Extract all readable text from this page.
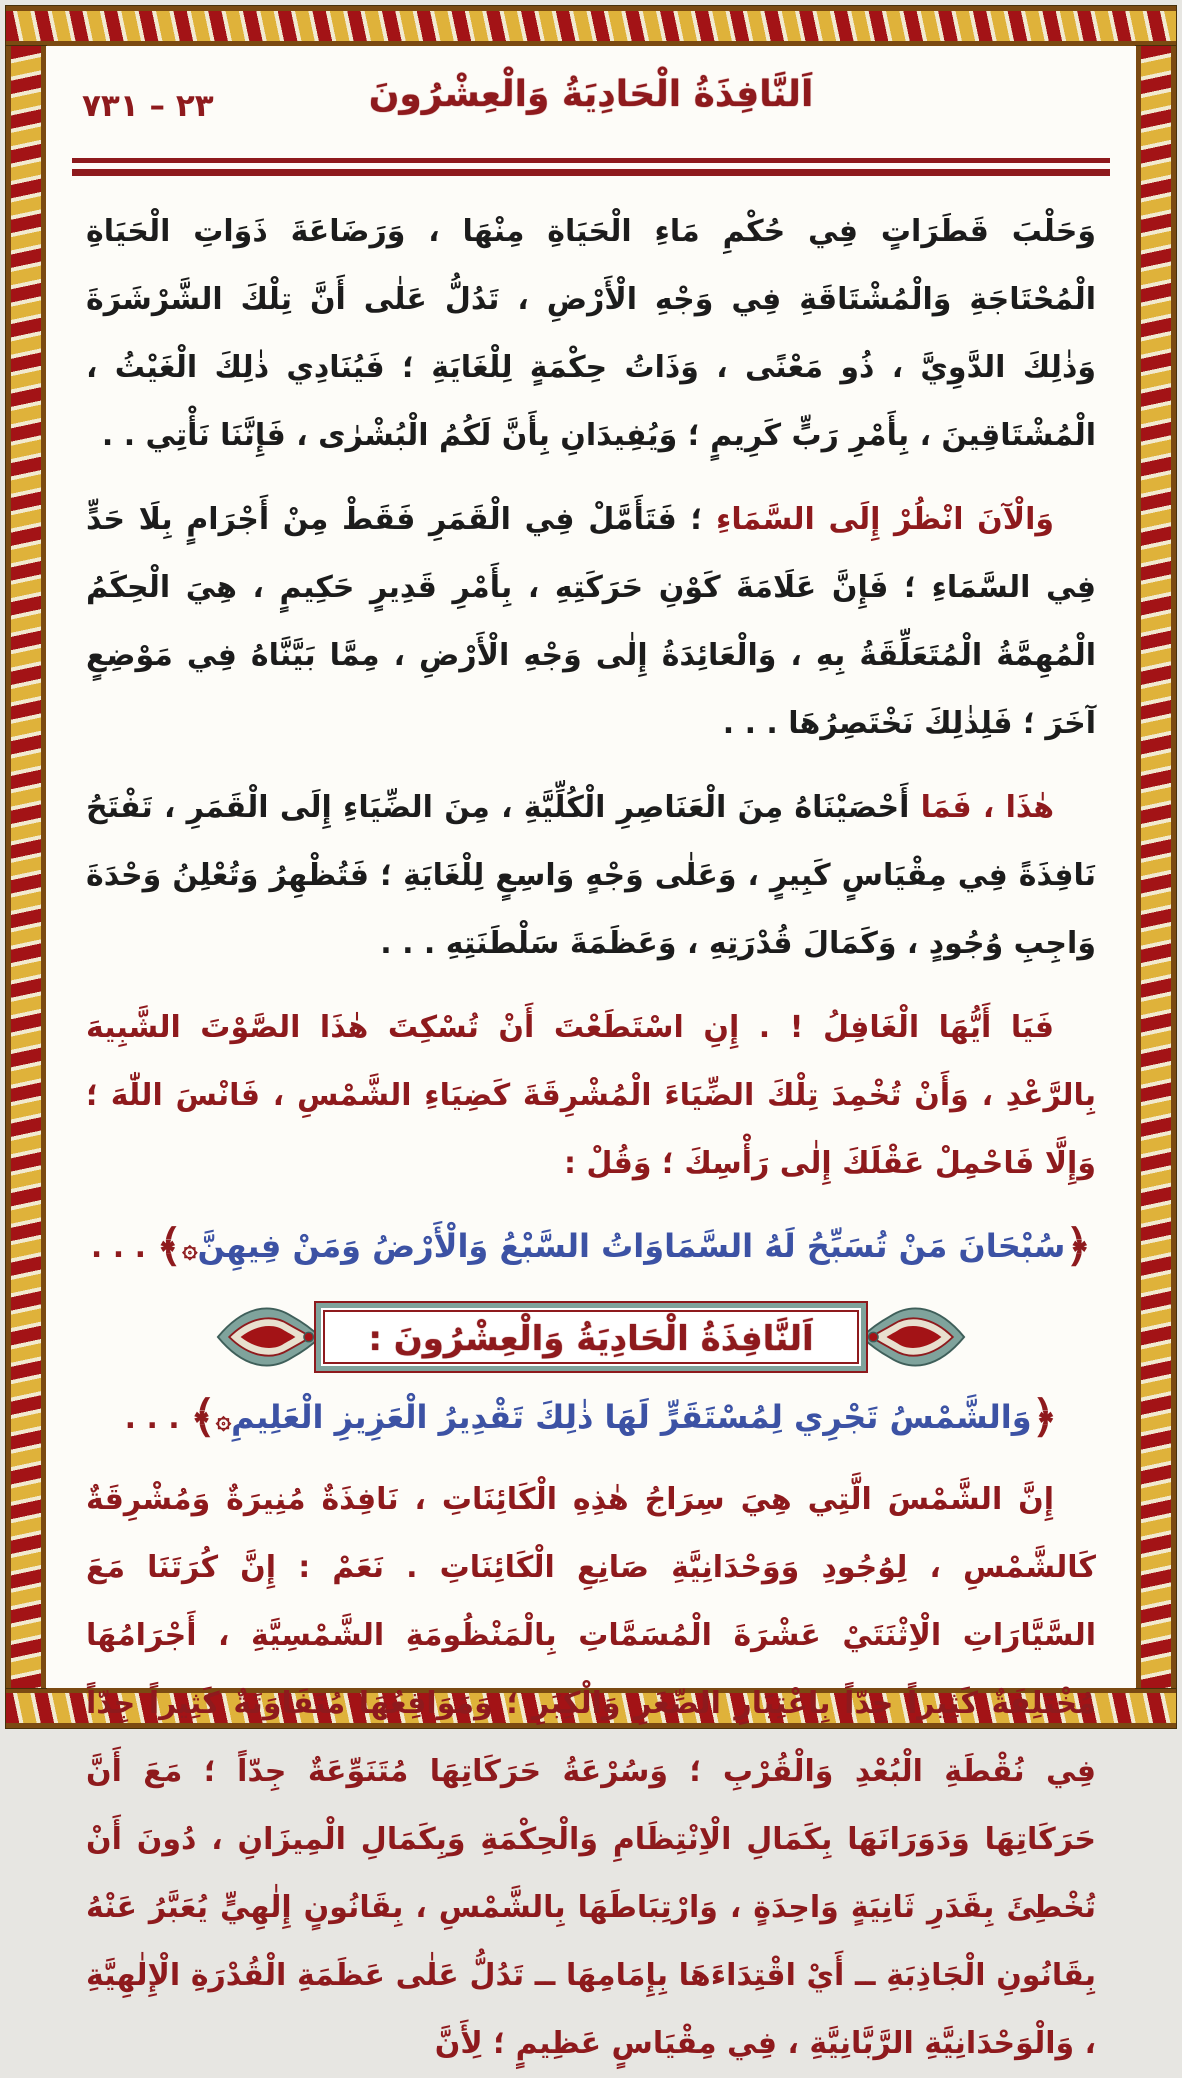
٢٣ – ٧٣١	اَلنَّافِذَةُ الْحَادِيَةُ وَالْعِشْرُونَ

وَحَلْبَ قَطَرَاتٍ فِي حُكْمِ مَاءِ الْحَيَاةِ مِنْهَا ، وَرَضَاعَةَ ذَوَاتِ الْحَيَاةِ الْمُحْتَاجَةِ وَالْمُشْتَاقَةِ فِي وَجْهِ الْأَرْضِ ، تَدُلُّ عَلٰى أَنَّ تِلْكَ الشَّرْشَرَةَ وَذٰلِكَ الدَّوِيَّ ، ذُو مَعْنًى ، وَذَاتُ حِكْمَةٍ لِلْغَايَةِ ؛ فَيُنَادِي ذٰلِكَ الْغَيْثُ ، الْمُشْتَاقِينَ ، بِأَمْرِ رَبٍّ كَرِيمٍ ؛ وَيُفِيدَانِ بِأَنَّ لَكُمُ الْبُشْرٰى ، فَإِنَّنَا نَأْتِي . .

وَالْآنَ انْظُرْ إِلَى السَّمَاءِ ؛ فَتَأَمَّلْ فِي الْقَمَرِ فَقَطْ مِنْ أَجْرَامٍ بِلَا حَدٍّ فِي السَّمَاءِ ؛ فَإِنَّ عَلَامَةَ كَوْنِ حَرَكَتِهِ ، بِأَمْرِ قَدِيرٍ حَكِيمٍ ، هِيَ الْحِكَمُ الْمُهِمَّةُ الْمُتَعَلِّقَةُ بِهِ ، وَالْعَائِدَةُ إِلٰى وَجْهِ الْأَرْضِ ، مِمَّا بَيَّنَّاهُ فِي مَوْضِعٍ آخَرَ ؛ فَلِذٰلِكَ نَخْتَصِرُهَا . . .

هٰذَا ، فَمَا أَحْصَيْنَاهُ مِنَ الْعَنَاصِرِ الْكُلِّيَّةِ ، مِنَ الضِّيَاءِ إِلَى الْقَمَرِ ، تَفْتَحُ نَافِذَةً فِي مِقْيَاسٍ كَبِيرٍ ، وَعَلٰى وَجْهٍ وَاسِعٍ لِلْغَايَةِ ؛ فَتُظْهِرُ وَتُعْلِنُ وَحْدَةَ وَاجِبِ وُجُودٍ ، وَكَمَالَ قُدْرَتِهِ ، وَعَظَمَةَ سَلْطَنَتِهِ . . .

فَيَا أَيُّهَا الْغَافِلُ ! . إِنِ اسْتَطَعْتَ أَنْ تُسْكِتَ هٰذَا الصَّوْتَ الشَّبِيهَ بِالرَّعْدِ ، وَأَنْ تُخْمِدَ تِلْكَ الضِّيَاءَ الْمُشْرِقَةَ كَضِيَاءِ الشَّمْسِ ، فَانْسَ اللّٰهَ ؛ وَإِلَّا فَاحْمِلْ عَقْلَكَ إِلٰى رَأْسِكَ ؛ وَقُلْ :

﴿سُبْحَانَ مَنْ تُسَبِّحُ لَهُ السَّمَاوَاتُ السَّبْعُ وَالْأَرْضُ وَمَنْ فِيهِنَّ۞﴾ . . .
اَلنَّافِذَةُ الْحَادِيَةُ وَالْعِشْرُونَ :
﴿وَالشَّمْسُ تَجْرِي لِمُسْتَقَرٍّ لَهَا ذٰلِكَ تَقْدِيرُ الْعَزِيزِ الْعَلِيمِ۞﴾ . . .

إِنَّ الشَّمْسَ الَّتِي هِيَ سِرَاجُ هٰذِهِ الْكَائِنَاتِ ، نَافِذَةٌ مُنِيرَةٌ وَمُشْرِقَةٌ كَالشَّمْسِ ، لِوُجُودِ وَوَحْدَانِيَّةِ صَانِعِ الْكَائِنَاتِ . نَعَمْ : إِنَّ كُرَتَنَا مَعَ السَّيَّارَاتِ الْاِثْنَتَيْ عَشْرَةَ الْمُسَمَّاتِ بِالْمَنْظُومَةِ الشَّمْسِيَّةِ ، أَجْرَامُهَا مُخْتَلِفَةٌ كَثِيراً جِدّاً بِاعْتِبَارِ الصِّغَرِ وَالْكِبَرِ ؛ وَمَوَاقِعُهَا مُتَفَاوَتَةٌ كَثِيراً جِدّاً فِي نُقْطَةِ الْبُعْدِ وَالْقُرْبِ ؛ وَسُرْعَةُ حَرَكَاتِهَا مُتَنَوِّعَةٌ جِدّاً ؛ مَعَ أَنَّ حَرَكَاتِهَا وَدَوَرَانَهَا بِكَمَالِ الْاِنْتِظَامِ وَالْحِكْمَةِ وَبِكَمَالِ الْمِيزَانِ ، دُونَ أَنْ تُخْطِئَ بِقَدَرِ ثَانِيَةٍ وَاحِدَةٍ ، وَارْتِبَاطَهَا بِالشَّمْسِ ، بِقَانُونٍ إِلٰهِيٍّ يُعَبَّرُ عَنْهُ بِقَانُونِ الْجَاذِبَةِ ــ أَيْ اقْتِدَاءَهَا بِإِمَامِهَا ــ تَدُلُّ عَلٰى عَظَمَةِ الْقُدْرَةِ الْإِلٰهِيَّةِ ، وَالْوَحْدَانِيَّةِ الرَّبَّانِيَّةِ ، فِي مِقْيَاسٍ عَظِيمٍ ؛ لِأَنَّ
